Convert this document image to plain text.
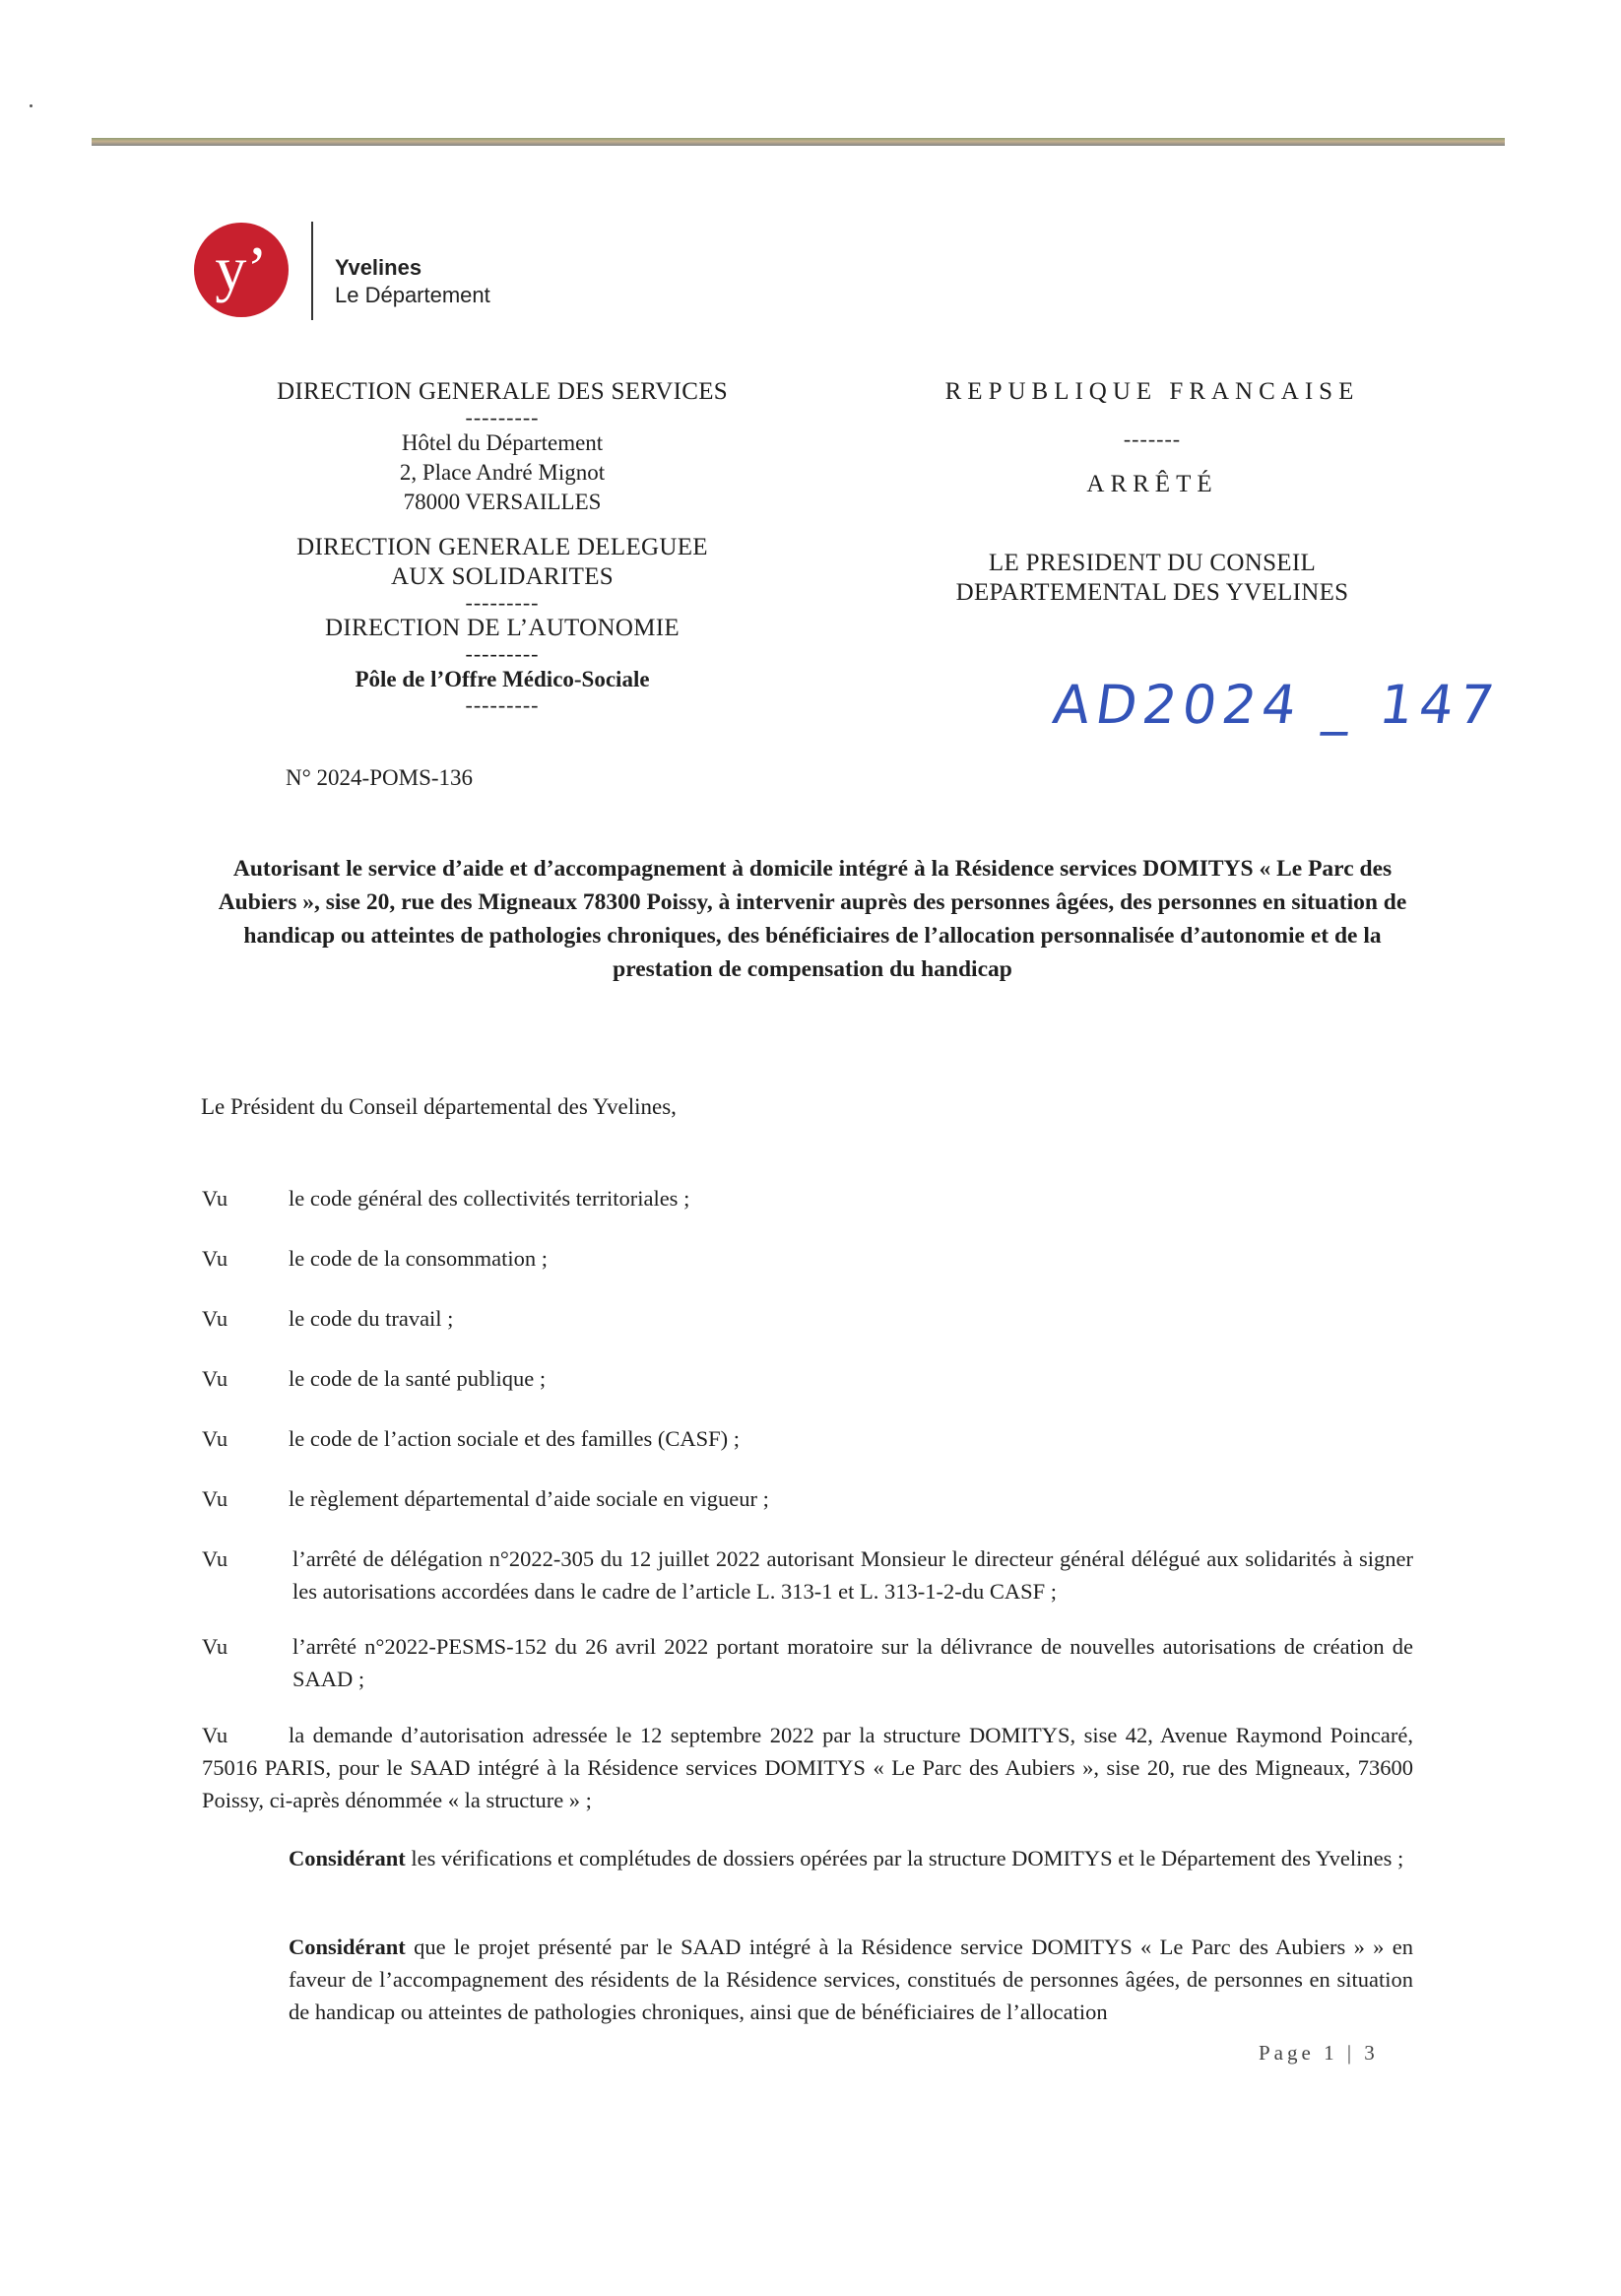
y’	Yvelines
Le Département
DIRECTION GENERALE DES SERVICES
---------
Hôtel du Département
2, Place André Mignot
78000 VERSAILLES
DIRECTION GENERALE DELEGUEE
AUX SOLIDARITES
---------
DIRECTION DE L’AUTONOMIE
---------
Pôle de l’Offre Médico-Sociale
---------
REPUBLIQUE FRANCAISE
-------
ARRÊTÉ
LE PRESIDENT DU CONSEIL
DEPARTEMENTAL DES YVELINES
AD2024 _ 147
N° 2024-POMS-136
Autorisant le service d’aide et d’accompagnement à domicile intégré à la Résidence services DOMITYS « Le Parc des Aubiers », sise 20, rue des Migneaux 78300 Poissy, à intervenir auprès des personnes âgées, des personnes en situation de handicap ou atteintes de pathologies chroniques, des bénéficiaires de l’allocation personnalisée d’autonomie et de la prestation de compensation du handicap
Le Président du Conseil départemental des Yvelines,
Vu	le code général des collectivités territoriales ;
Vu	le code de la consommation ;
Vu	le code du travail ;
Vu	le code de la santé publique ;
Vu	le code de l’action sociale et des familles (CASF) ;
Vu	le règlement départemental d’aide sociale en vigueur ;
Vu	l’arrêté de délégation n°2022-305 du 12 juillet 2022 autorisant Monsieur le directeur général délégué aux solidarités à signer les autorisations accordées dans le cadre de l’article L. 313-1 et L. 313-1-2-du CASF ;
Vu	l’arrêté n°2022-PESMS-152 du 26 avril 2022 portant moratoire sur la délivrance de nouvelles autorisations de création de SAAD ;
Vu	la demande d’autorisation adressée le 12 septembre 2022 par la structure DOMITYS, sise 42, Avenue Raymond Poincaré, 75016 PARIS, pour le SAAD intégré à la Résidence services DOMITYS « Le Parc des Aubiers », sise 20, rue des Migneaux, 73600 Poissy, ci-après dénommée « la structure » ;
Considérant les vérifications et complétudes de dossiers opérées par la structure DOMITYS et le Département des Yvelines ;
Considérant que le projet présenté par le SAAD intégré à la Résidence service DOMITYS « Le Parc des Aubiers » » en faveur de l’accompagnement des résidents de la Résidence services, constitués de personnes âgées, de personnes en situation de handicap ou atteintes de pathologies chroniques, ainsi que de bénéficiaires de l’allocation
Page 1 | 3
